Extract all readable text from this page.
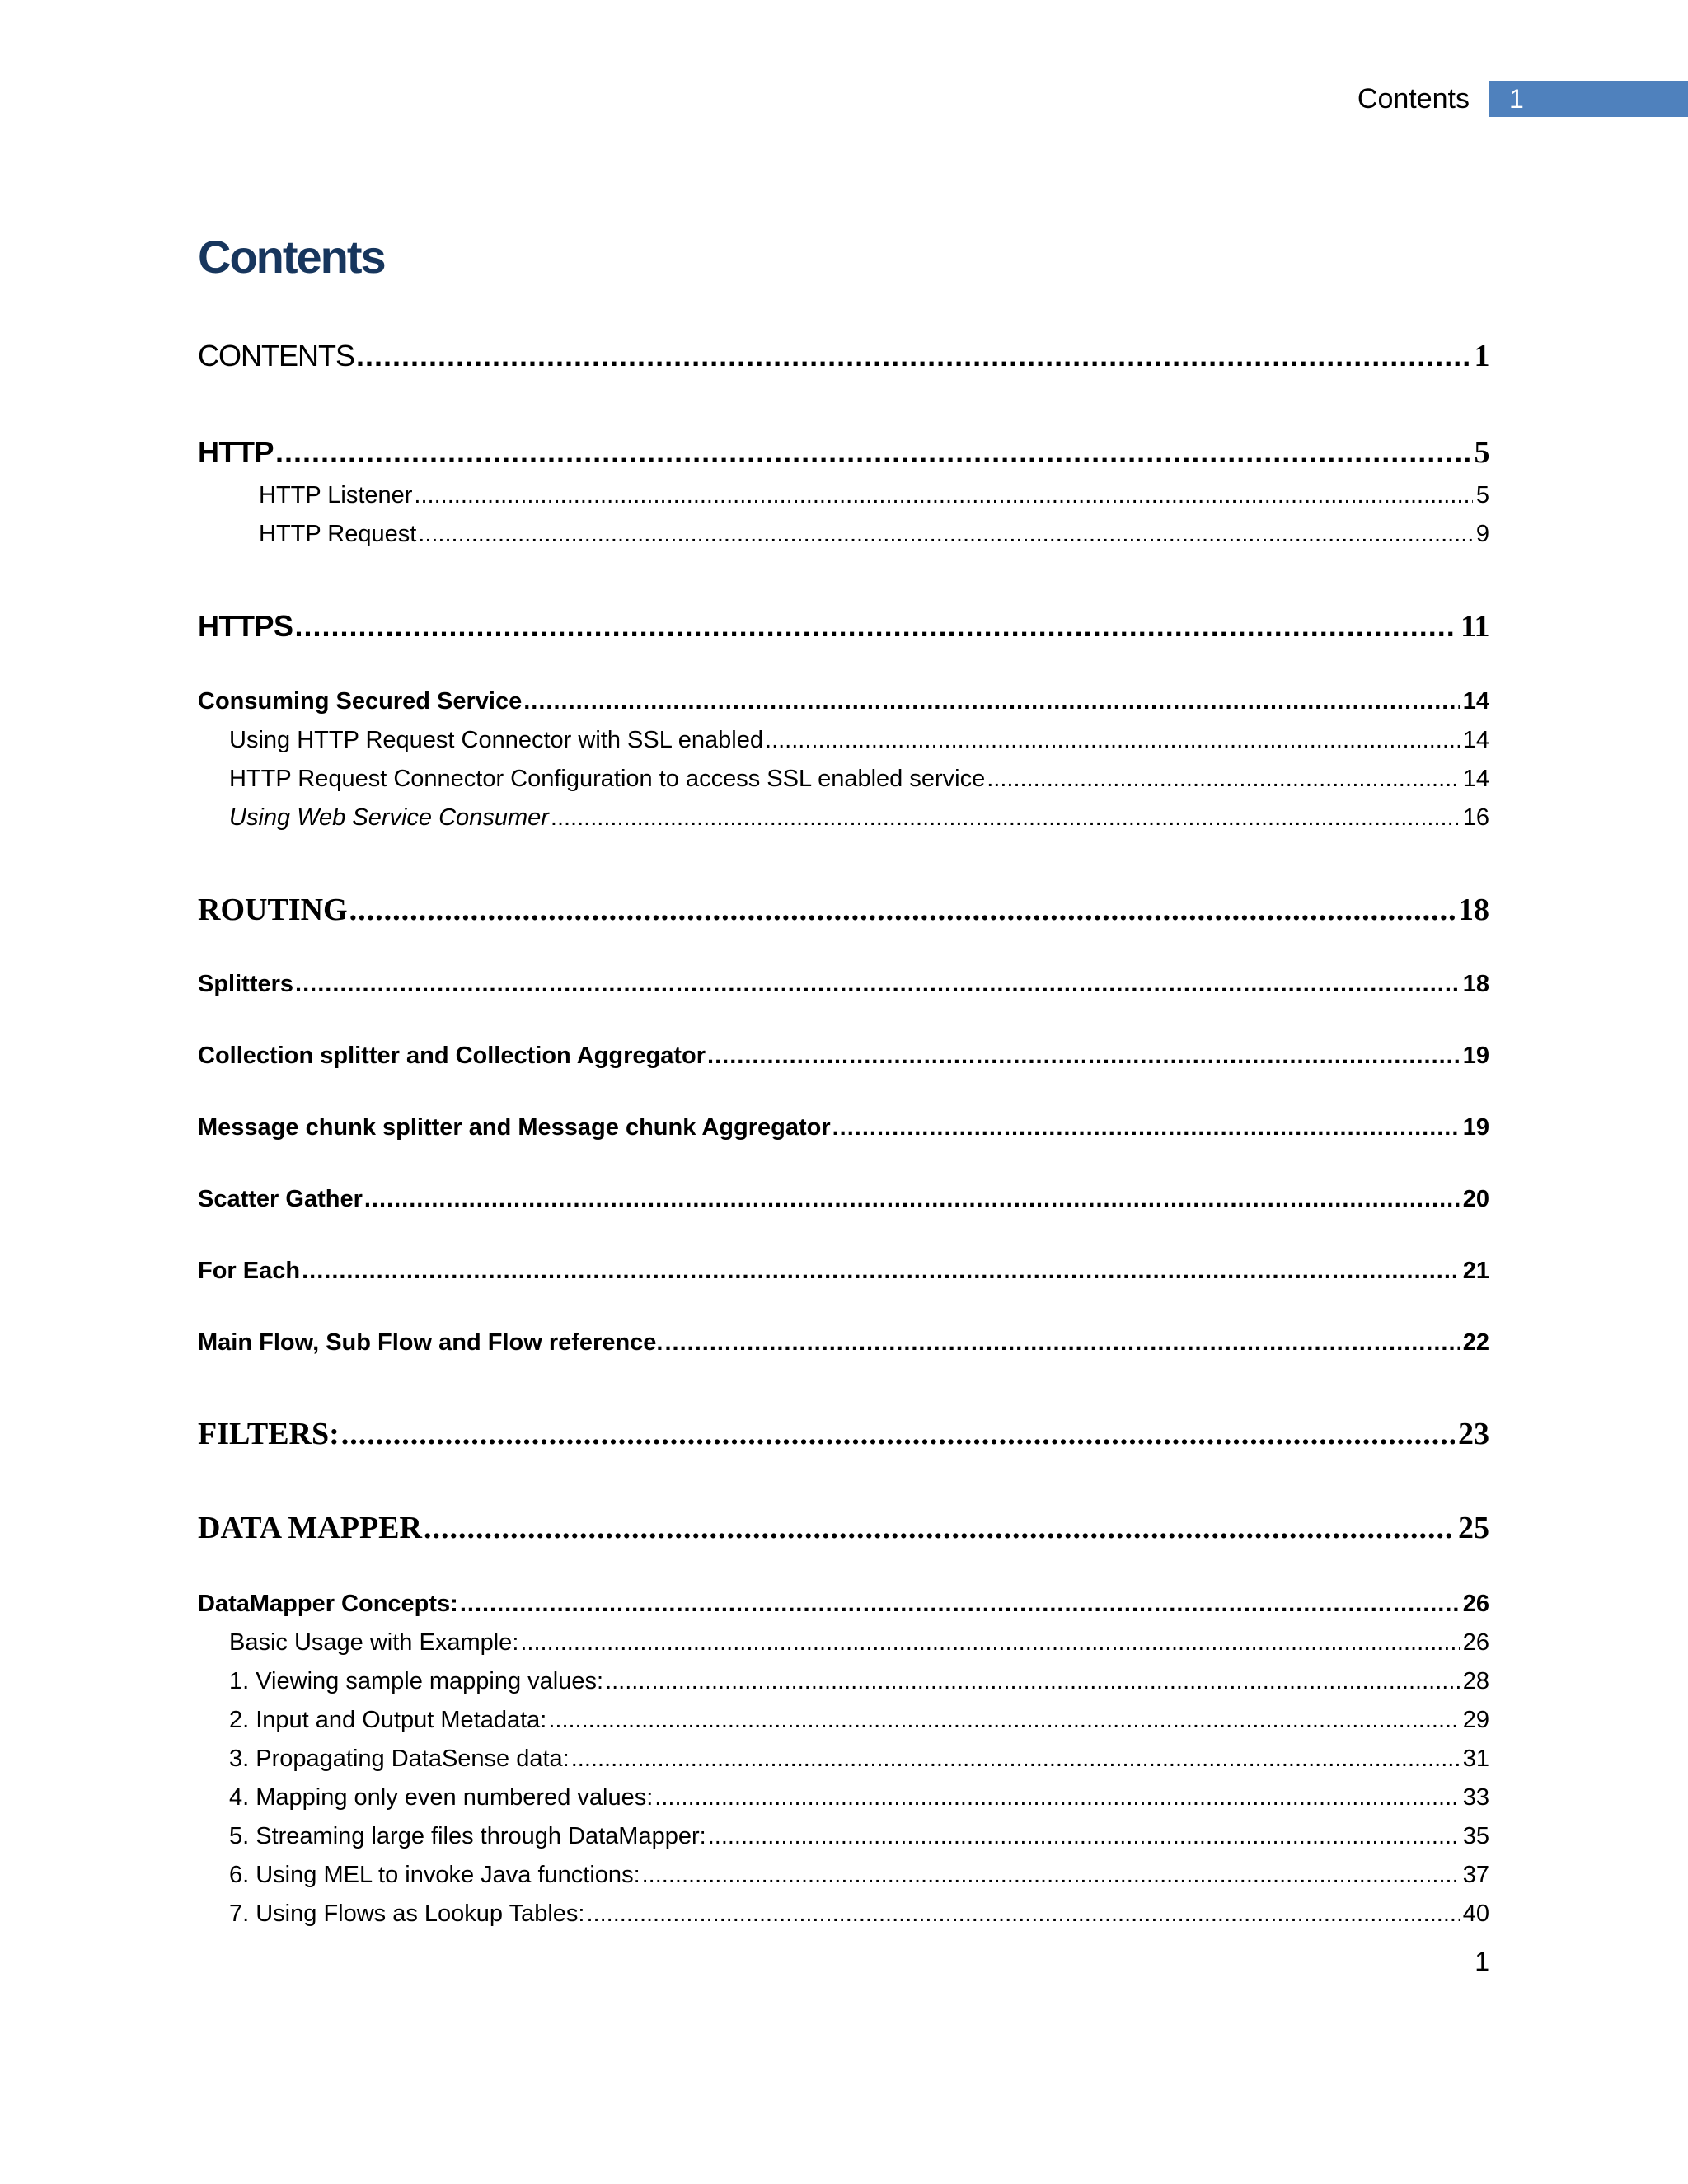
Contents	1
Contents
CONTENTS .....	1
HTTP .....	5
HTTP Listener .....	5
HTTP Request .....	9
HTTPS .....	11
Consuming Secured Service .....	14
Using HTTP Request Connector with SSL enabled .....	14
HTTP Request Connector Configuration to access SSL enabled service .....	14
Using Web Service Consumer .....	16
ROUTING .....	18
Splitters .....	18
Collection splitter and Collection Aggregator .....	19
Message chunk splitter and Message chunk Aggregator .....	19
Scatter Gather .....	20
For Each .....	21
Main Flow, Sub Flow and Flow reference. .....	22
FILTERS: .....	23
DATA MAPPER .....	25
DataMapper Concepts: .....	26
Basic Usage with Example: .....	26
1. Viewing sample mapping values: .....	28
2. Input and Output Metadata: .....	29
3. Propagating DataSense data: .....	31
4. Mapping only even numbered values: .....	33
5. Streaming large files through DataMapper: .....	35
6. Using MEL to invoke Java functions: .....	37
7. Using Flows as Lookup Tables: .....	40
1
